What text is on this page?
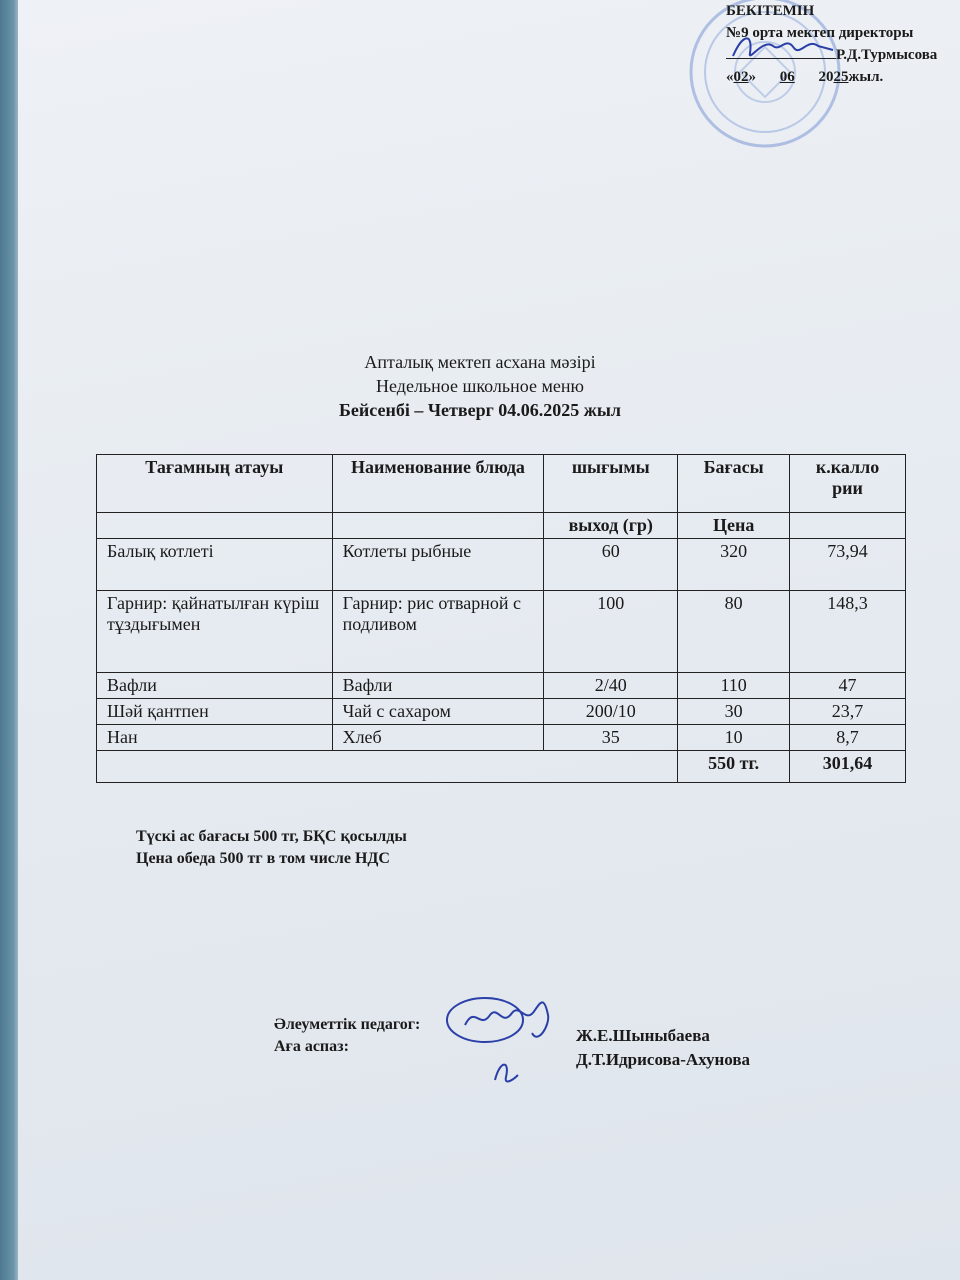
БЕКІТЕМІН
№9 орта мектеп директоры
Р.Д.Турмысова
«02» 06 2025жыл.
Апталық мектеп асхана мәзірі
Недельное школьное меню
Бейсенбі – Четверг 04.06.2025 жыл
Тағамның атауы	Наименование блюда	шығымы	Бағасы	к.калло рии
		выход (гр)	Цена	
Балық котлеті	Котлеты рыбные	60	320	73,94
Гарнир: қайнатылған күріш тұздығымен	Гарнир: рис отварной с подливом	100	80	148,3
Вафли	Вафли	2/40	110	47
Шәй қантпен	Чай с сахаром	200/10	30	23,7
Нан	Хлеб	35	10	8,7
			550 тг.	301,64
Түскі ас бағасы 500 тг, БҚС қосылды
Цена обеда 500 тг в том числе НДС
Әлеуметтік педагог:
Аға аспаз:
Ж.Е.Шыныбаева
Д.Т.Идрисова-Ахунова
